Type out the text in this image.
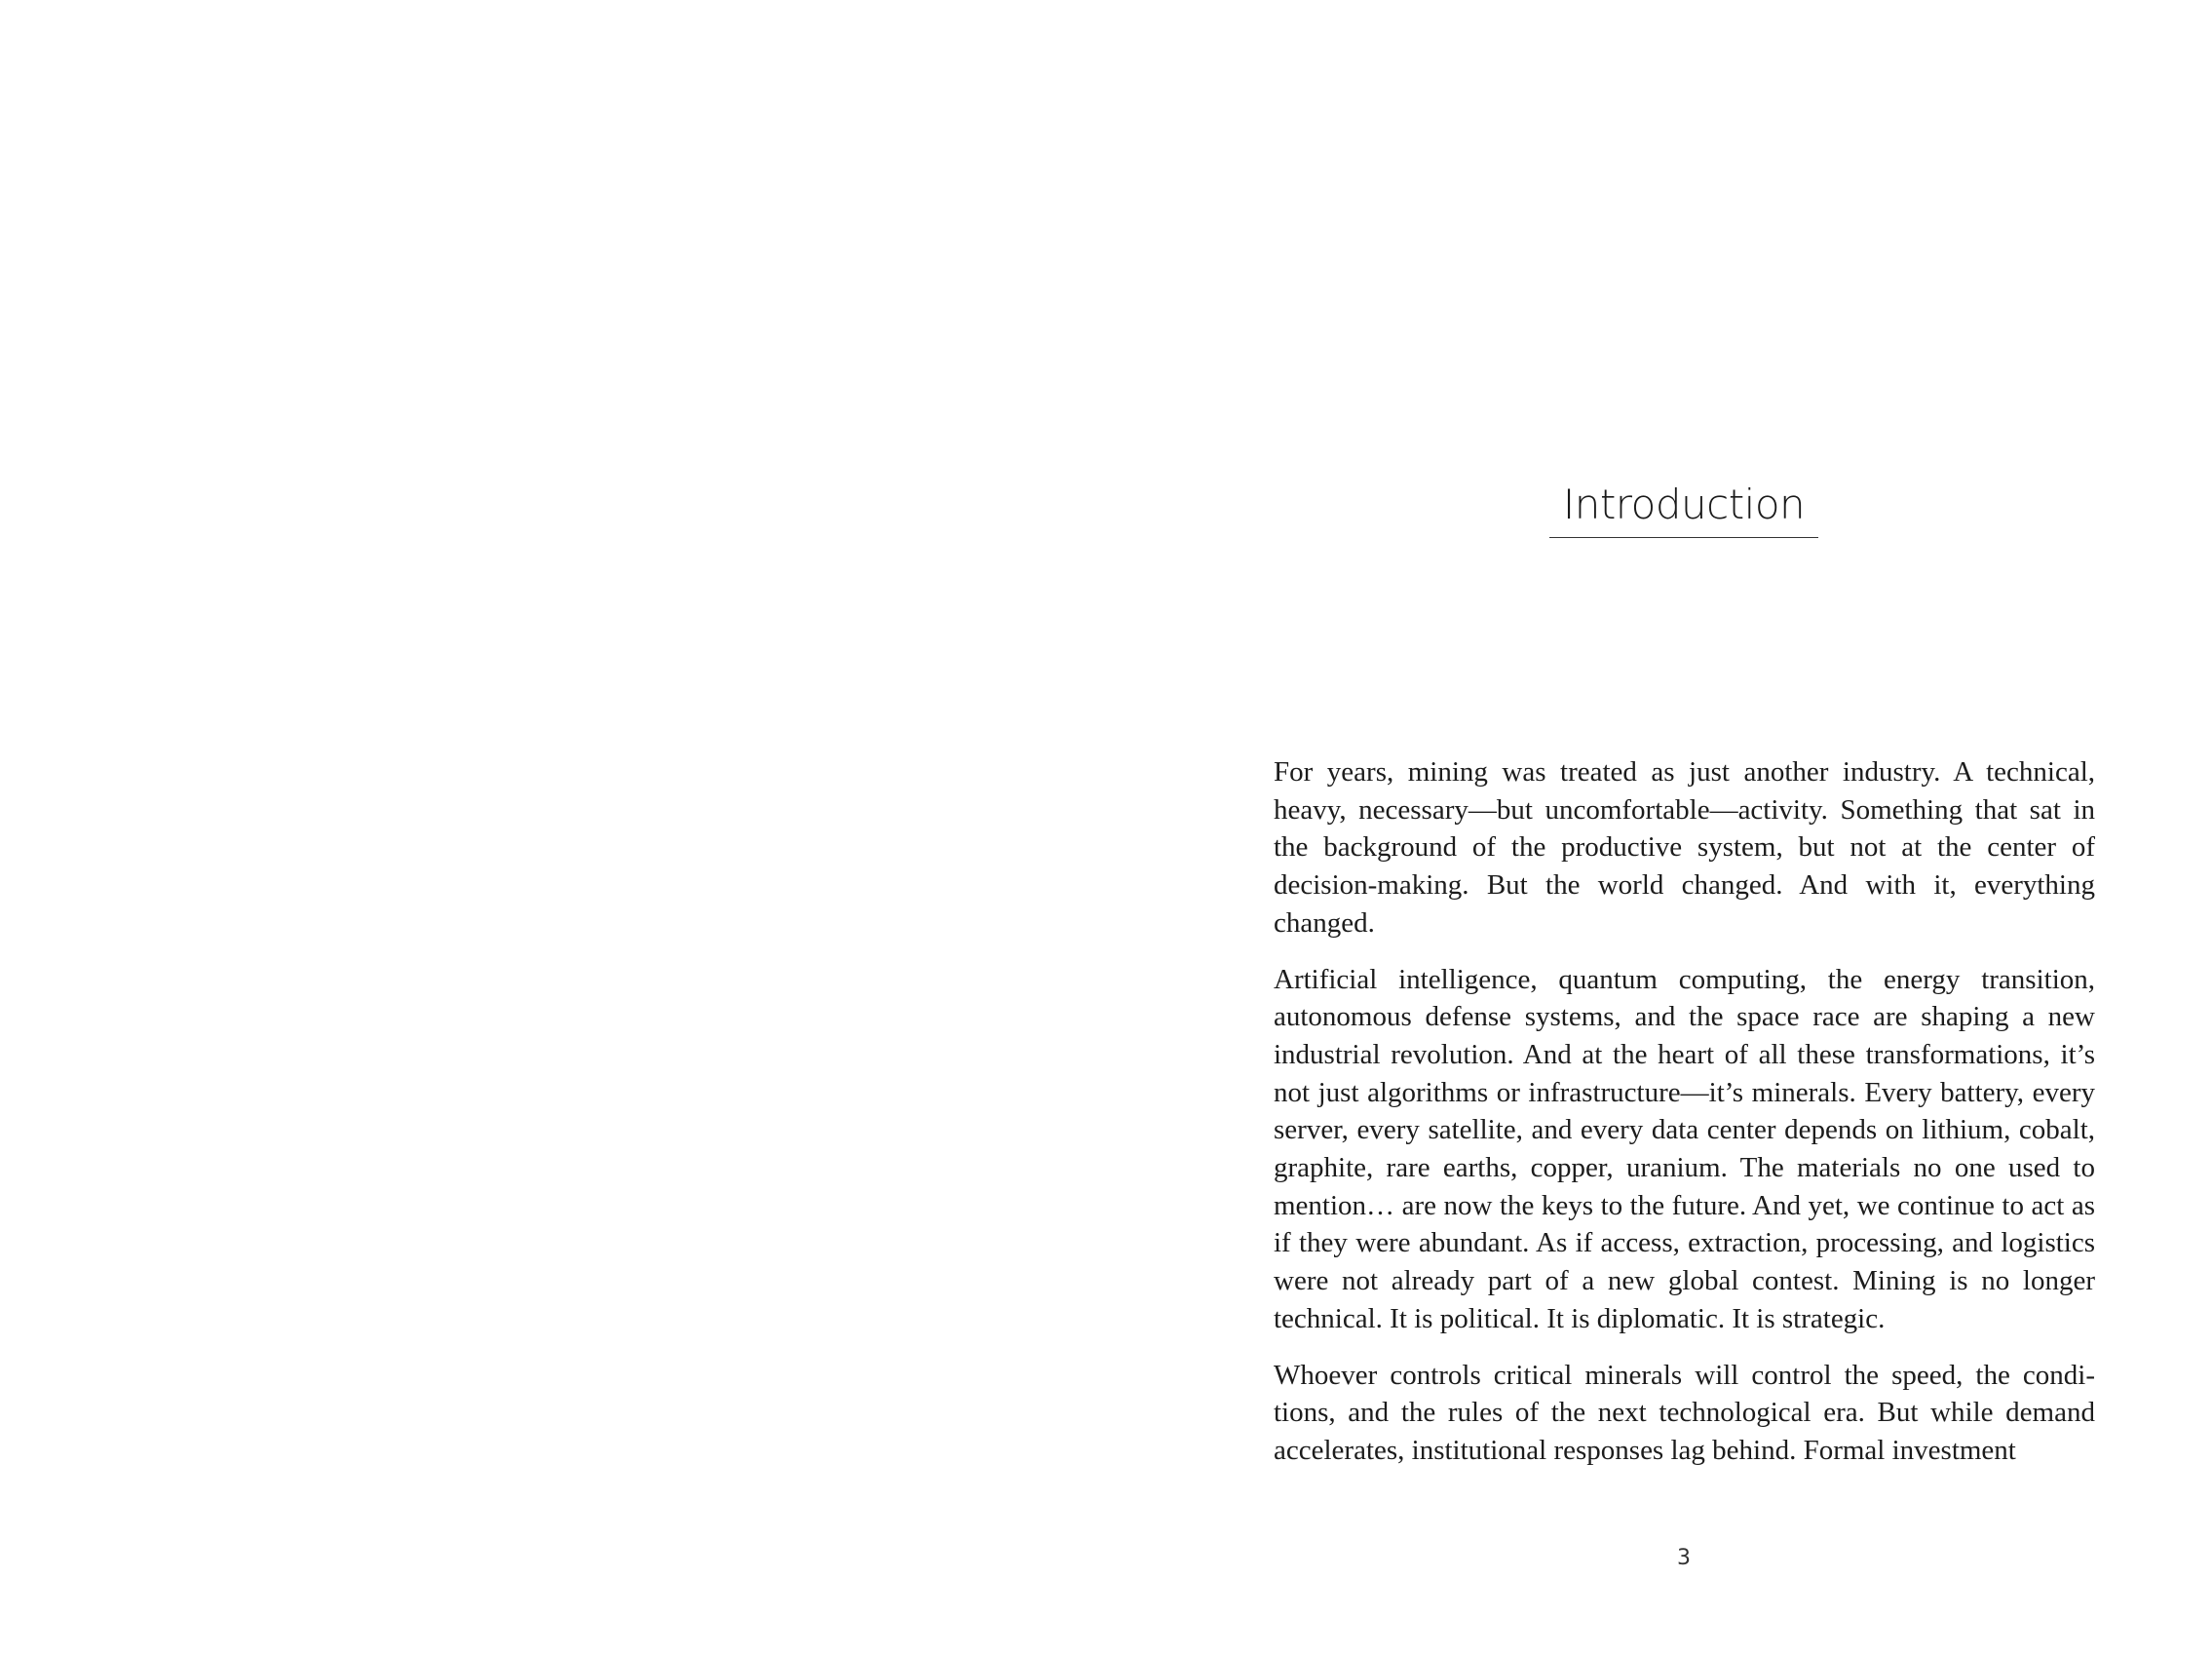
Introduction

For years, mining was treated as just another industry. A technical, heavy, necessary—but uncomfortable—activity. Something that sat in the background of the productive system, but not at the center of decision-making. But the world changed. And with it, everything changed.

Artificial intelligence, quantum computing, the energy transition, autonomous defense systems, and the space race are shaping a new industrial revolution. And at the heart of all these transformations, it’s not just algorithms or infrastructure—it’s minerals. Every battery, every server, every satellite, and every data center depends on lithium, cobalt, graphite, rare earths, copper, uranium. The materials no one used to mention… are now the keys to the future. And yet, we continue to act as if they were abundant. As if access, extraction, processing, and logistics were not already part of a new global contest. Mining is no longer technical. It is political. It is diplomatic. It is strategic.

Whoever controls critical minerals will control the speed, the conditions, and the rules of the next technological era. But while demand accelerates, institutional responses lag behind. Formal investment

3
